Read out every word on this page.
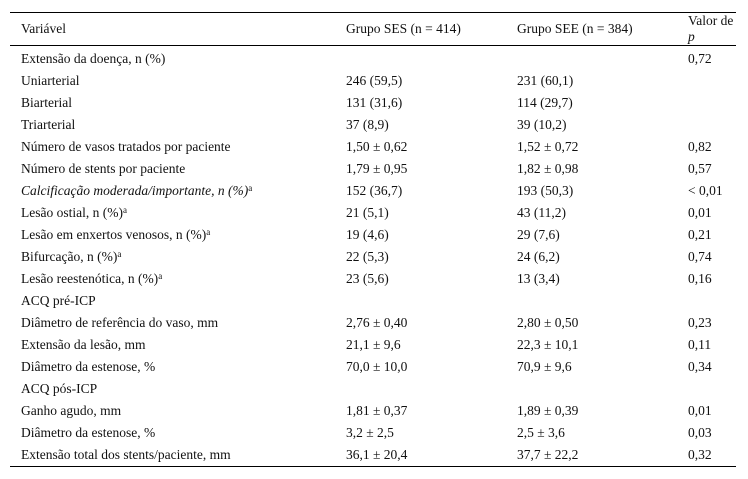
Variável	Grupo SES (n = 414)	Grupo SEE (n = 384)	Valor de p
Extensão da doença, n (%)			0,72
Uniarterial	246 (59,5)	231 (60,1)	
Biarterial	131 (31,6)	114 (29,7)	
Triarterial	37 (8,9)	39 (10,2)	
Número de vasos tratados por paciente	1,50 ± 0,62	1,52 ± 0,72	0,82
Número de stents por paciente	1,79 ± 0,95	1,82 ± 0,98	0,57
Calcificação moderada/importante, n (%)$^a$	152 (36,7)	193 (50,3)	< 0,01
Lesão ostial, n (%)$^a$	21 (5,1)	43 (11,2)	0,01
Lesão em enxertos venosos, n (%)$^a$	19 (4,6)	29 (7,6)	0,21
Bifurcação, n (%)$^a$	22 (5,3)	24 (6,2)	0,74
Lesão reestenótica, n (%)$^a$	23 (5,6)	13 (3,4)	0,16
ACQ pré-ICP			
Diâmetro de referência do vaso, mm	2,76 ± 0,40	2,80 ± 0,50	0,23
Extensão da lesão, mm	21,1 ± 9,6	22,3 ± 10,1	0,11
Diâmetro da estenose, %	70,0 ± 10,0	70,9 ± 9,6	0,34
ACQ pós-ICP			
Ganho agudo, mm	1,81 ± 0,37	1,89 ± 0,39	0,01
Diâmetro da estenose, %	3,2 ± 2,5	2,5 ± 3,6	0,03
Extensão total dos stents/paciente, mm	36,1 ± 20,4	37,7 ± 22,2	0,32
